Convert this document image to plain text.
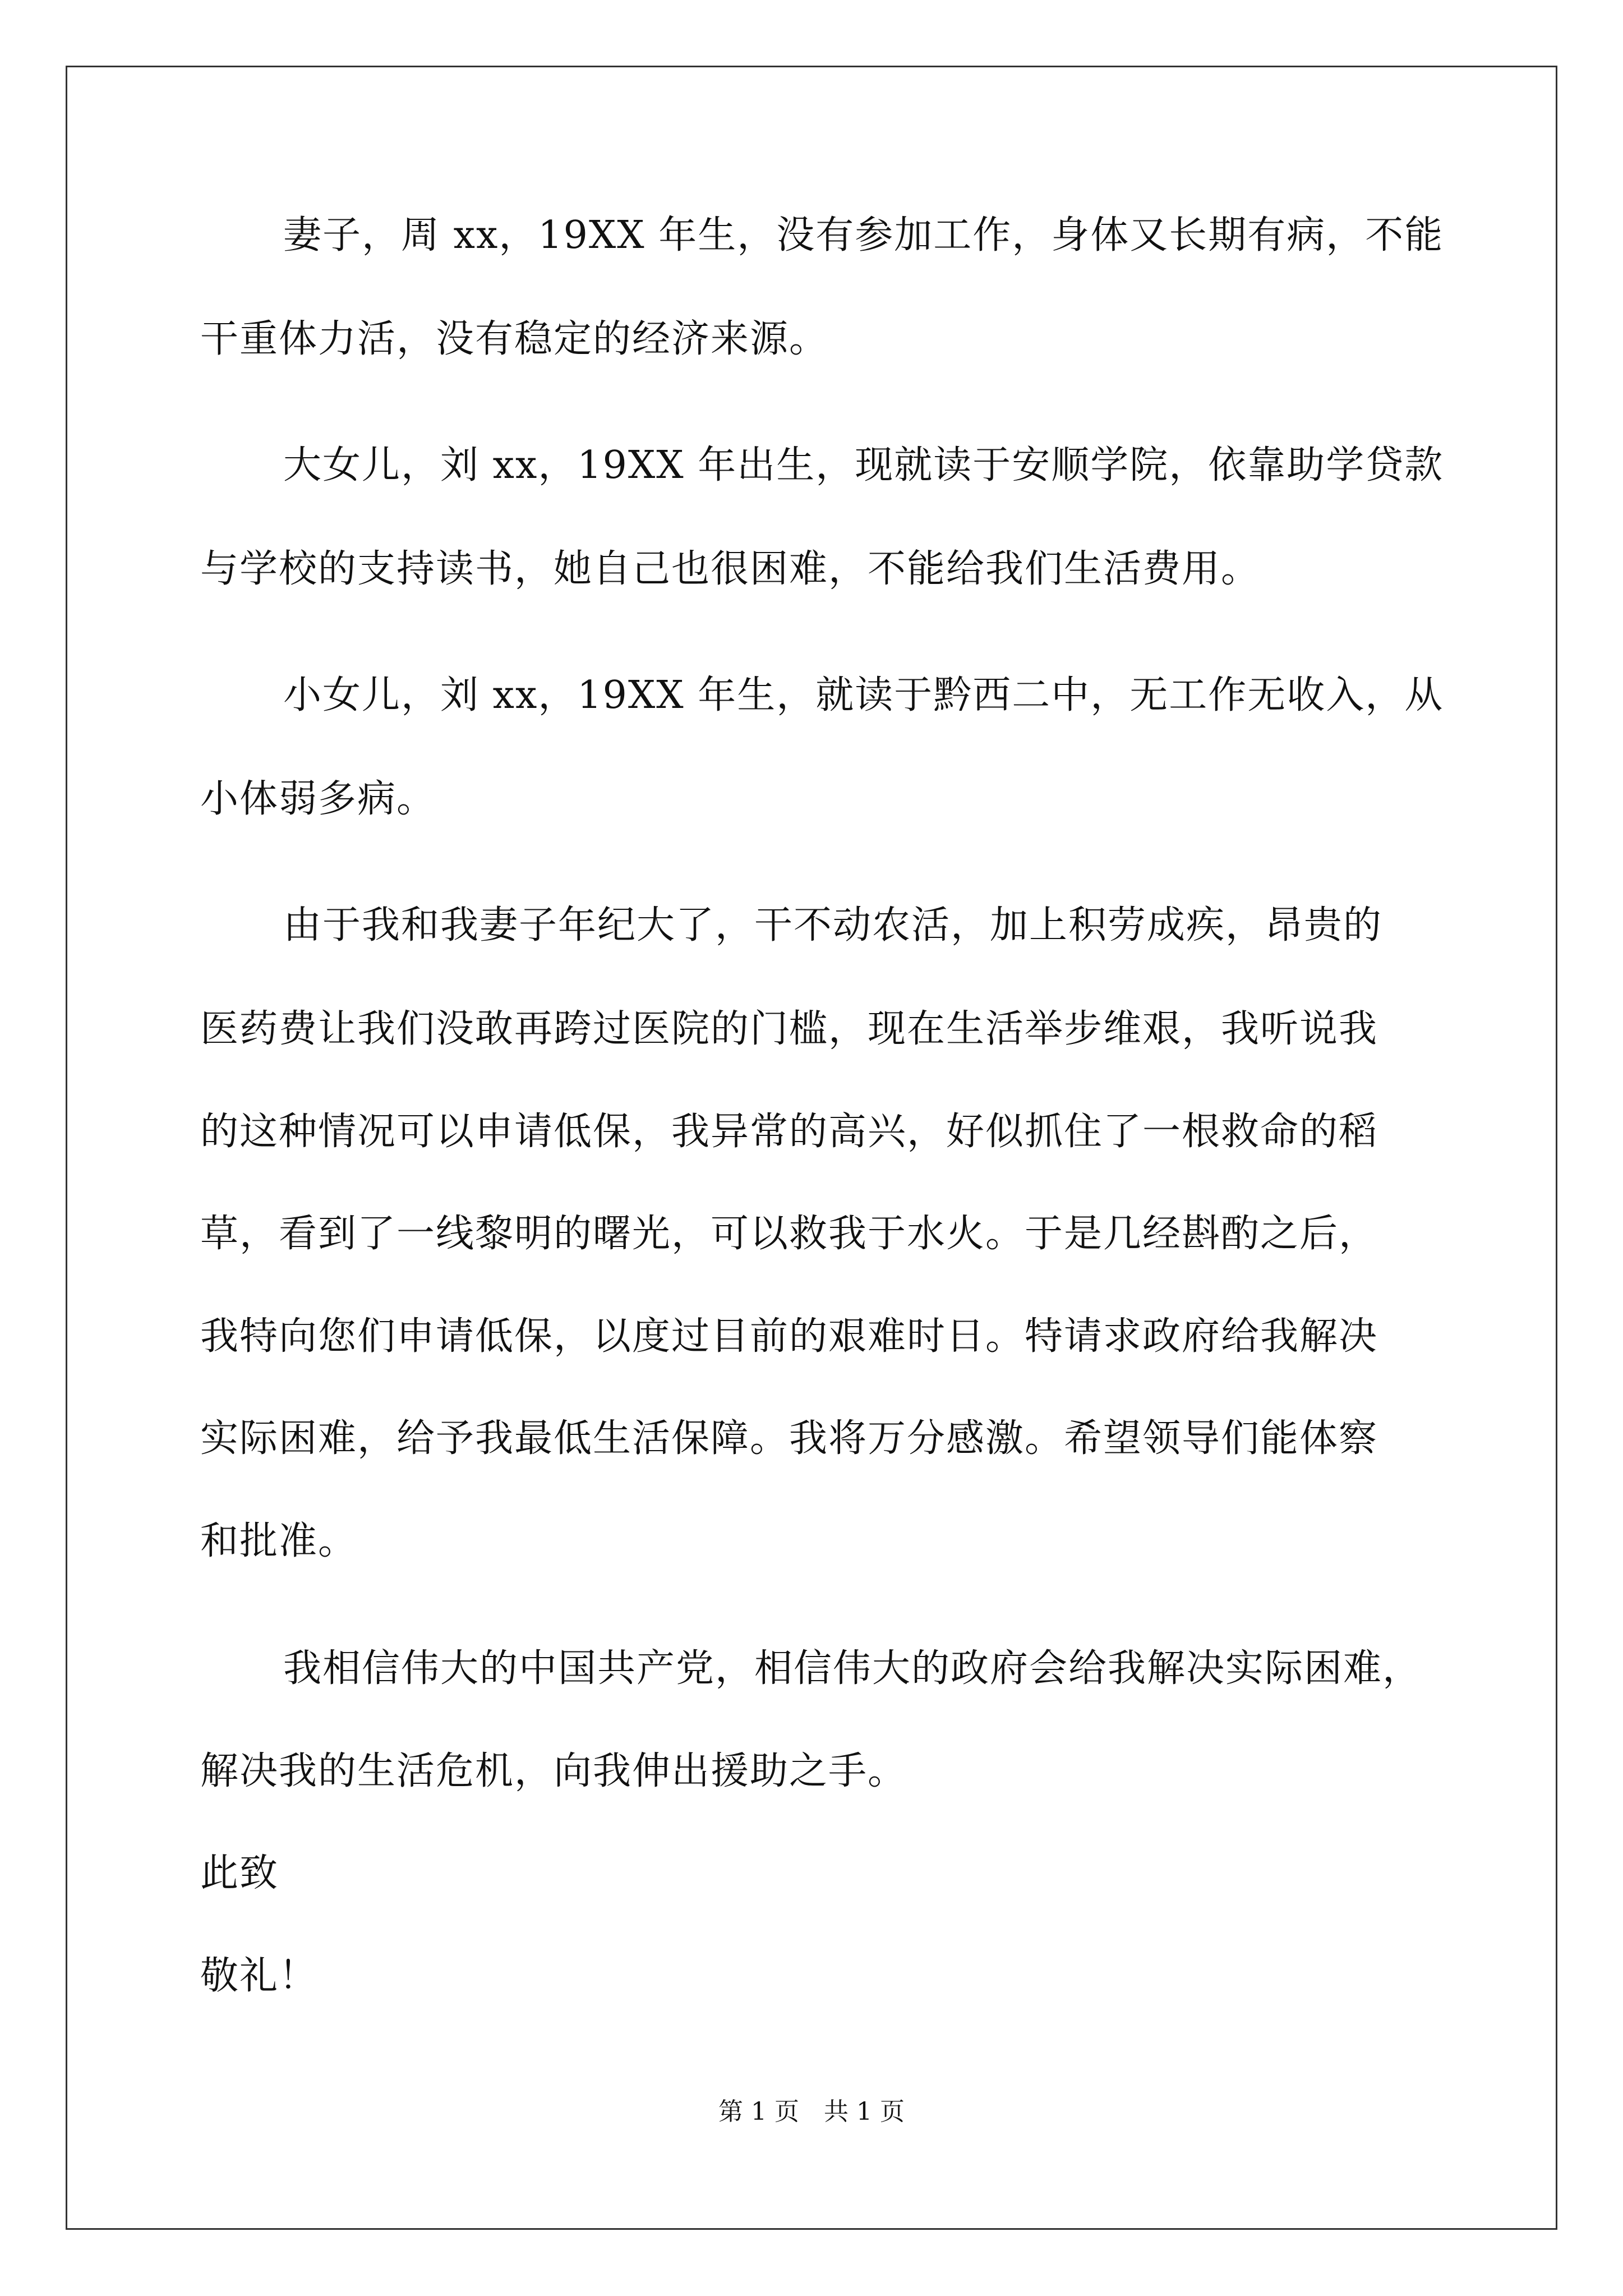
妻子，周 xx，19XX 年生，没有参加工作，身体又长期有病，不能
干重体力活，没有稳定的经济来源。
大女儿，刘 xx，19XX 年出生，现就读于安顺学院，依靠助学贷款
与学校的支持读书，她自己也很困难，不能给我们生活费用。
小女儿，刘 xx，19XX 年生，就读于黔西二中，无工作无收入，从
小体弱多病。
由于我和我妻子年纪大了，干不动农活，加上积劳成疾，昂贵的
医药费让我们没敢再跨过医院的门槛，现在生活举步维艰，我听说我
的这种情况可以申请低保，我异常的高兴，好似抓住了一根救命的稻
草，看到了一线黎明的曙光，可以救我于水火。于是几经斟酌之后，
我特向您们申请低保，以度过目前的艰难时日。特请求政府给我解决
实际困难，给予我最低生活保障。我将万分感激。希望领导们能体察
和批准。
我相信伟大的中国共产党，相信伟大的政府会给我解决实际困难，
解决我的生活危机，向我伸出援助之手。
此致
敬礼！
第 1 页　共 1 页
